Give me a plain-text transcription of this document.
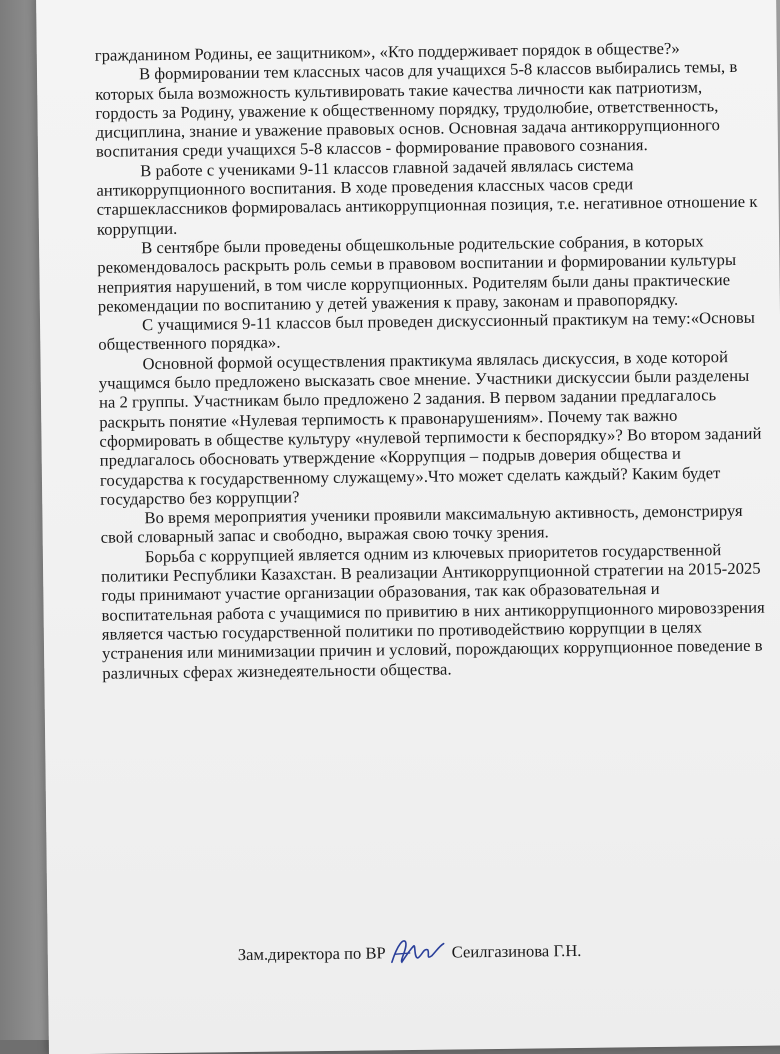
гражданином Родины, ее защитником», «Кто поддерживает порядок в обществе?»

В формировании тем классных часов для учащихся 5-8 классов выбирались темы, в которых была возможность культивировать такие качества личности как патриотизм, гордость за Родину, уважение к общественному порядку, трудолюбие, ответственность, дисциплина, знание и уважение правовых основ. Основная задача антикоррупционного воспитания среди учащихся 5-8 классов - формирование правового сознания.

В работе с учениками 9-11 классов главной задачей являлась система антикоррупционного воспитания. В ходе проведения классных часов среди старшеклассников формировалась антикоррупционная позиция, т.е. негативное отношение к коррупции.

В сентябре были проведены общешкольные родительские собрания, в которых рекомендовалось раскрыть роль семьи в правовом воспитании и формировании культуры неприятия нарушений, в том числе коррупционных. Родителям были даны практические рекомендации по воспитанию у детей уважения к праву, законам и правопорядку.

С учащимися 9-11 классов был проведен дискуссионный практикум на тему:«Основы общественного порядка».

Основной формой осуществления практикума являлась дискуссия, в ходе которой учащимся было предложено высказать свое мнение. Участники дискуссии были разделены на 2 группы. Участникам было предложено 2 задания. В первом задании предлагалось раскрыть понятие «Нулевая терпимость к правонарушениям». Почему так важно сформировать в обществе культуру «нулевой терпимости к беспорядку»? Во втором заданий предлагалось обосновать утверждение «Коррупция – подрыв доверия общества и государства к государственному служащему».Что может сделать каждый? Каким будет государство без коррупции?

Во время мероприятия ученики проявили максимальную активность, демонстрируя свой словарный запас и свободно, выражая свою точку зрения.

Борьба с коррупцией является одним из ключевых приоритетов государственной политики Республики Казахстан. В реализации Антикоррупционной стратегии на 2015-2025 годы принимают участие организации образования, так как образовательная и воспитательная работа с учащимися по привитию в них антикоррупционного мировоззрения является частью государственной политики по противодействию коррупции в целях устранения или минимизации причин и условий, порождающих коррупционное поведение в различных сферах жизнедеятельности общества.

Зам.директора по ВР	Сеилгазинова Г.Н.
